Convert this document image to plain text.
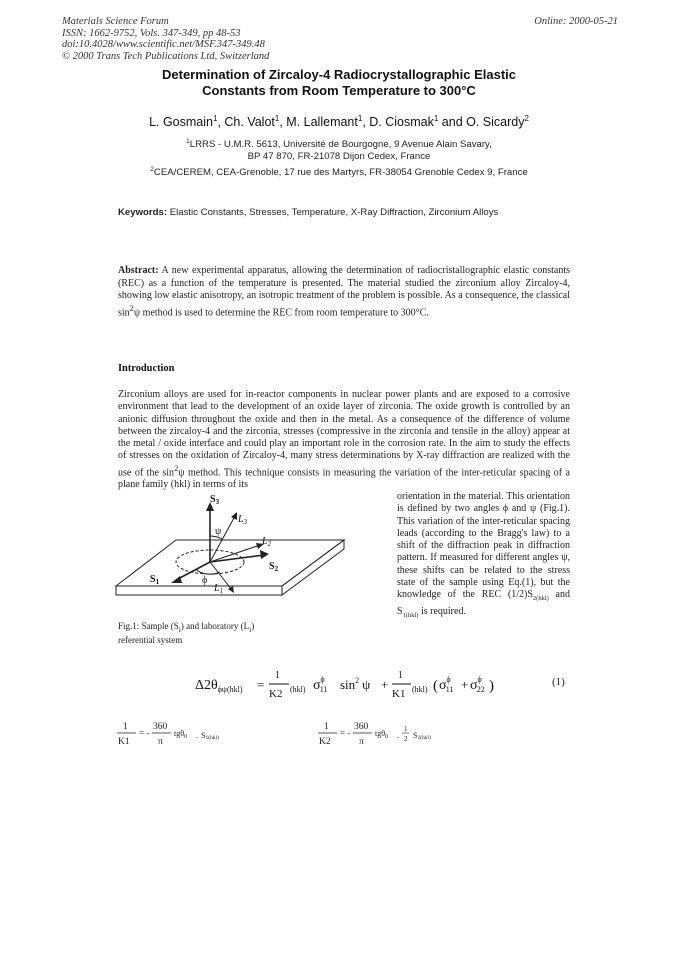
Materials Science Forum
ISSN: 1662-9752, Vols. 347-349, pp 48-53
doi:10.4028/www.scientific.net/MSF.347-349.48
© 2000 Trans Tech Publications Ltd, Switzerland
Online: 2000-05-21
Determination of Zircaloy-4 Radiocrystallographic Elastic
Constants from Room Temperature to 300°C
L. Gosmain$^1$, Ch. Valot$^1$, M. Lallemant$^1$, D. Ciosmak$^1$ and O. Sicardy$^2$
$^1$LRRS - U.M.R. 5613, Université de Bourgogne, 9 Avenue Alain Savary,
BP 47 870, FR-21078 Dijon Cedex, France
$^2$CEA/CEREM, CEA-Grenoble, 17 rue des Martyrs, FR-38054 Grenoble Cedex 9, France
Keywords: Elastic Constants, Stresses, Temperature, X-Ray Diffraction, Zirconium Alloys
Abstract: A new experimental apparatus, allowing the determination of radiocristallographic elastic constants (REC) as a function of the temperature is presented. The material studied the zirconium alloy Zircaloy-4, showing low elastic anisotropy, an isotropic treatment of the problem is possible. As a consequence, the classical $\sin^2\psi$ method is used to determine the REC from room temperature to 300°C.
Introduction
Zirconium alloys are used for in-reactor components in nuclear power plants and are exposed to a corrosive environment that lead to the development of an oxide layer of zirconia. The oxide growth is controlled by an anionic diffusion throughout the oxide and then in the metal. As a consequence of the difference of volume between the zircaloy-4 and the zirconia, stresses (compressive in the zirconia and tensile in the alloy) appear at the metal / oxide interface and could play an important role in the corrosion rate. In the aim to study the effects of stresses on the oxidation of Zircaloy-4, many stress determinations by X-ray diffraction are realized with the use of the $\sin^2\psi$ method. This technique consists in measuring the variation of the inter-reticular spacing of a plane family (hkl) in terms of its
orientation in the material. This orientation is defined by two angles ϕ and ψ (Fig.1). This variation of the inter-reticular spacing leads (according to the Bragg's law) to a shift of the diffraction peak in diffraction pattern. If measured for different angles ψ, these shifts can be related to the stress state of the sample using Eq.(1), but the knowledge of the REC $(1/2)S_{2(hkl)}$ and $S_{1(hkl)}$ is required.
$S_3$
$S_2$
$S_1$
$L_3$
$L_2$
$L_1$
ψ
ϕ
Fig.1: Sample $(S_i)$ and laboratory $(L_i)$
referential system
$\Delta 2\theta_{\phi\psi(hkl)}$ =
1
K2 (hkl) $\sigma^\phi$ 11 $\sin^2 \psi$ +
1
K1 (hkl) ( $\sigma^\phi$ $11 + \sigma^\phi$ 22 )	(1)
1
K1
= -
360
π
tgθ$_0$ . S1(hkl)
1
K2
= -
360
π
tgθ$_0$ .
1
2 S2(hkl)
